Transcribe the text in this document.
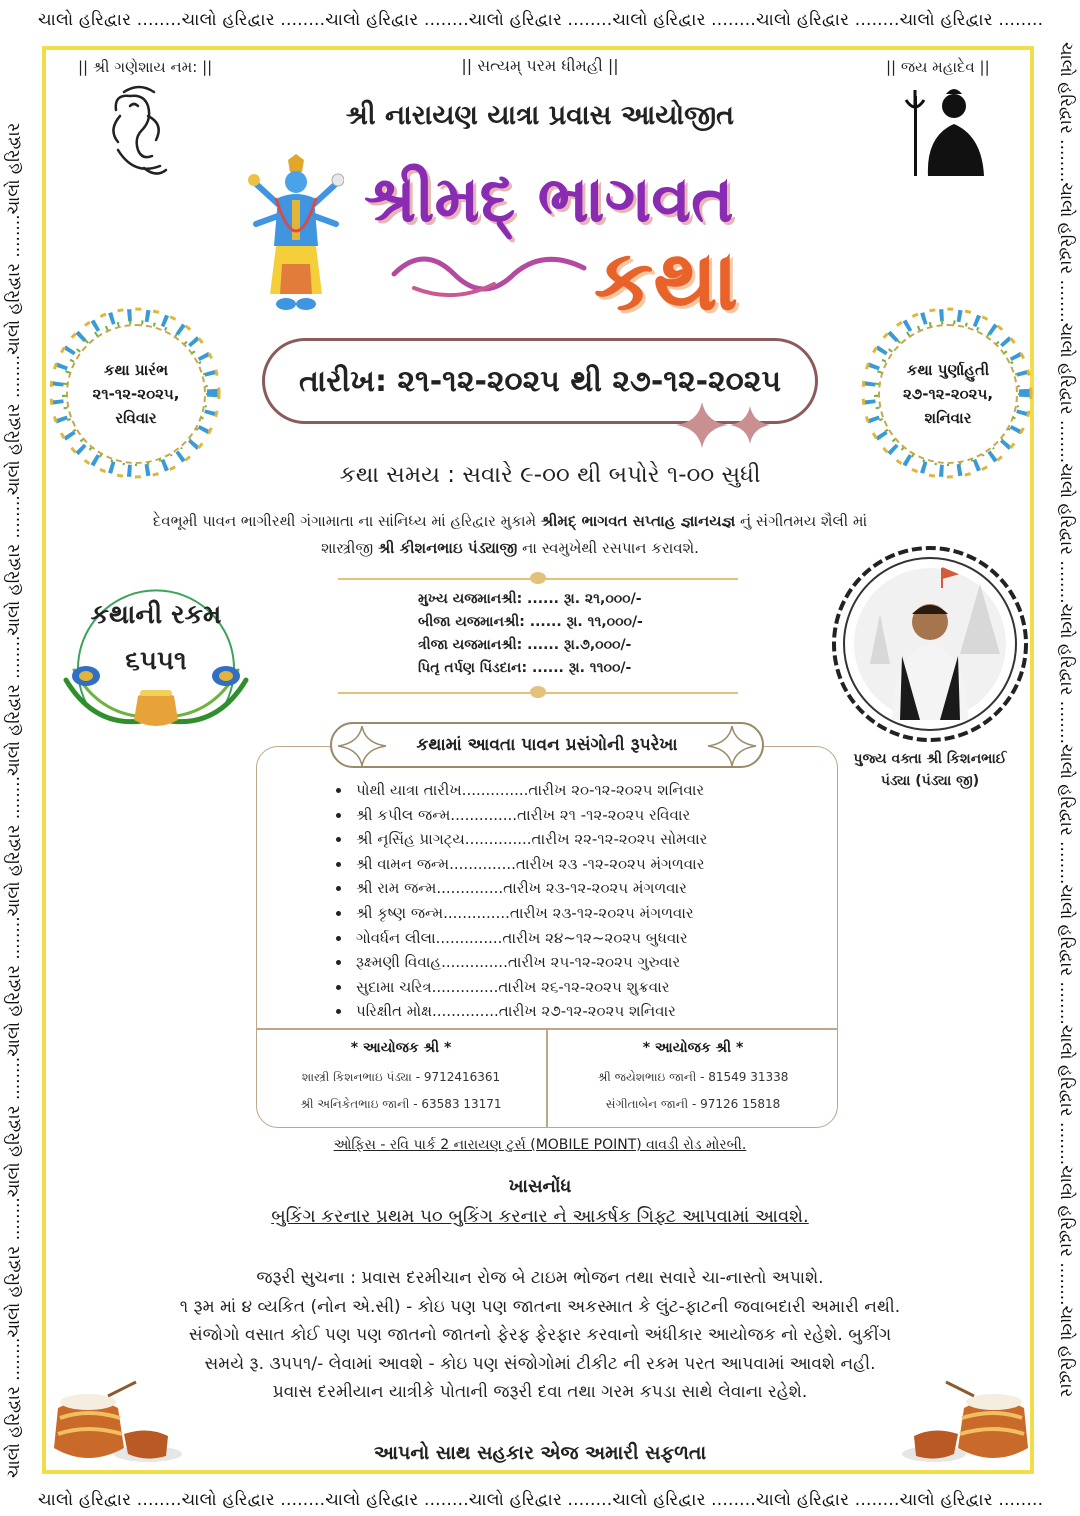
ચાલો હરિદ્વાર ........ચાલો હરિદ્વાર ........ચાલો હરિદ્વાર ........ચાલો હરિદ્વાર ........ચાલો હરિદ્વાર ........ચાલો હરિદ્વાર ........ચાલો હરિદ્વાર ........
ચાલો હરિદ્વાર ........ચાલો હરિદ્વાર ........ચાલો હરિદ્વાર ........ચાલો હરિદ્વાર ........ચાલો હરિદ્વાર ........ચાલો હરિદ્વાર ........ચાલો હરિદ્વાર ........
ચાલો હરિદ્વાર ........ચાલો હરિદ્વાર ........ચાલો હરિદ્વાર ........ચાલો હરિદ્વાર ........ચાલો હરિદ્વાર ........ચાલો હરિદ્વાર ........ચાલો હરિદ્વાર ........ચાલો હરિદ્વાર ........ચાલો હરિદ્વાર ........ચાલો હરિદ્વાર	ચાલો હરિદ્વાર ........ચાલો હરિદ્વાર ........ચાલો હરિદ્વાર ........ચાલો હરિદ્વાર ........ચાલો હરિદ્વાર ........ચાલો હરિદ્વાર ........ચાલો હરિદ્વાર ........ચાલો હરિદ્વાર ........ચાલો હરિદ્વાર ........ચાલો હરિદ્વાર
|| શ્રી ગણેશાય નમ: ||	|| સત્યમ્ પરમ ધીમહી ||	|| જય મહાદેવ ||
શ્રી નારાયણ યાત્રા પ્રવાસ આયોજીત
શ્રીમદ્ ભાગવત
કથા
તારીખ: ૨૧-૧૨-૨૦૨૫ થી ૨૭-૧૨-૨૦૨૫
કથા પ્રારંભ
૨૧-૧૨-૨૦૨૫,
રવિવાર
કથા પુર્ણાહુતી
૨૭-૧૨-૨૦૨૫,
શનિવાર
કથા સમય : સવારે ૯-૦૦ થી બપોરે ૧-૦૦ સુધી
દેવભૂમી પાવન ભાગીરથી ગંગામાતા ના સાંનિધ્ય માં હરિદ્વાર મુકામે શ્રીમદ્ ભાગવત સપ્તાહ જ્ઞાનયજ્ઞ નું સંગીતમય શૈલી માં
શાસ્ત્રીજી શ્રી કીશનભાઇ પંડ્યાજી ના સ્વમુખેથી રસપાન કરાવશે.
કથાની રકમ
૬૫૫૧
મુખ્ય યજમાનશ્રી: ...... રૂા. ૨૧,૦૦૦/-
બીજા યજમાનશ્રી: ...... રૂા. ૧૧,૦૦૦/-
ત્રીજા યજમાનશ્રી: ...... રૂા.૭,૦૦૦/-
પિતૃ તર્પણ પિંડદાન: ...... રૂા. ૧૧૦૦/-
પુજ્ય વક્તા શ્રી કિશનભાઈ
પંડ્યા (પંડ્યા જી)
કથામાં આવતા પાવન પ્રસંગોની રૂપરેખા
• પોથી યાત્રા તારીખ..............તારીખ ૨૦-૧૨-૨૦૨૫ શનિવાર
• શ્રી કપીલ જન્મ..............તારીખ ૨૧ -૧૨-૨૦૨૫ રવિવાર
• શ્રી નૃસિંહ પ્રાગટ્ય..............તારીખ ૨૨-૧૨-૨૦૨૫ સોમવાર
• શ્રી વામન જન્મ..............તારીખ ૨૩ -૧૨-૨૦૨૫ મંગળવાર
• શ્રી રામ જન્મ..............તારીખ ૨૩-૧૨-૨૦૨૫ મંગળવાર
• શ્રી કૃષ્ણ જન્મ..............તારીખ ૨૩-૧૨-૨૦૨૫ મંગળવાર
• ગોવર્ધન લીલા..............તારીખ ૨૪~૧૨~૨૦૨૫ બુધવાર
• રૂક્ષ્મણી વિવાહ..............તારીખ ૨૫-૧૨-૨૦૨૫ ગુરુવાર
• સુદામા ચરિત્ર..............તારીખ ૨૬-૧૨-૨૦૨૫ શુક્રવાર
• પરિક્ષીત મોક્ષ..............તારીખ ૨૭-૧૨-૨૦૨૫ શનિવાર
* આયોજક શ્રી *
શાસ્ત્રી કિશનભાઇ પંડ્યા - 9712416361
શ્રી અનિકેતભાઇ જાની - 63583 13171
* આયોજક શ્રી *
શ્રી જયેશભાઇ જાની - 81549 31338
સંગીતાબેન જાની - 97126 15818
ઓફિસ - રવિ પાર્ક 2 નારાયણ ટુર્સ (MOBILE POINT) વાવડી રોડ મોરબી.
ખાસનોંધ
બુકિંગ કરનાર પ્રથમ ૫૦ બુકિંગ કરનાર ને આકર્ષક ગિફ્ટ આપવામાં આવશે.
જરૂરી સુચના : પ્રવાસ દરમીચાન રોજ બે ટાઇમ ભોજન તથા સવારે ચા-નાસ્તો અપાશે.
૧ રૂમ માં ૪ વ્યકિત (નોન એ.સી) - કોઇ પણ પણ જાતના અકસ્માત કે લુંટ-ફાટની જવાબદારી અમારી નથી.
સંજોગો વસાત કોઈ પણ પણ જાતનો જાતનો ફેરફ ફેરફાર કરવાનો અંધીકાર આયોજક નો રહેશે. બુકીંગ
સમયે રૂ. ૩૫૫૧/- લેવામાં આવશે - કોઇ પણ સંજોગોમાં ટીકીટ ની રકમ પરત આપવામાં આવશે નહી.
પ્રવાસ દરમીયાન યાત્રીકે પોતાની જરૂરી દવા તથા ગરમ કપડા સાથે લેવાના રહેશે.
આપનો સાથ સહકાર એજ અમારી સફળતા
